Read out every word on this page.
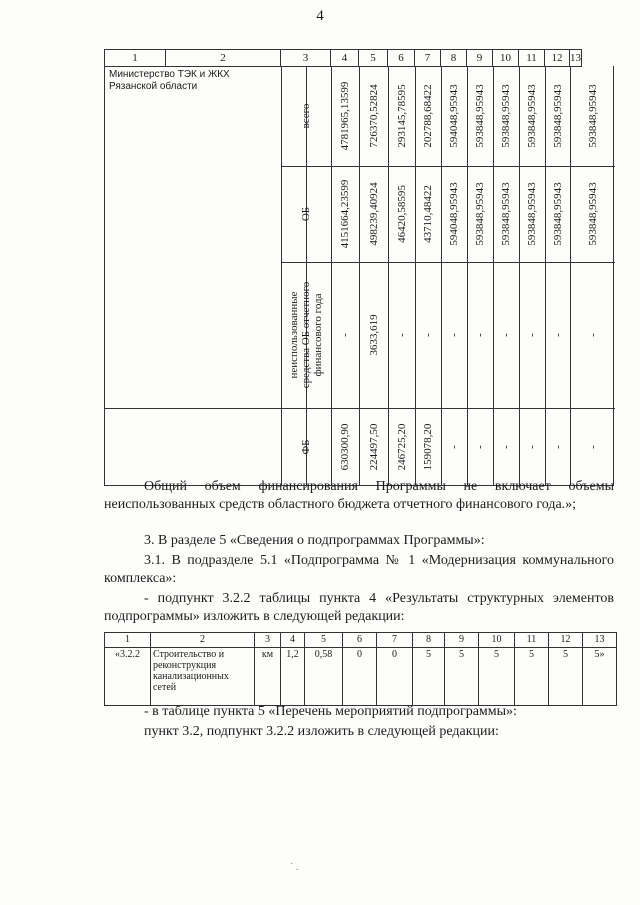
4
1	2	3	4	5	6	7	8	9	10	11	12	13
Министерство ТЭК и ЖКХ Рязанской области
всего 4781965,13599 726370,52824 293145,78595 202788,68422 594048,95943 593848,95943 593848,95943 593848,95943 593848,95943 593848,95943
ОБ 4151664,23599 498239,40924 46420,58595 43710,48422 594048,95943 593848,95943 593848,95943 593848,95943 593848,95943 593848,95943
неиспользованные средства ОБ отчетного финансового года - 3633,619 - - - - - - - -
ФБ 630300,90 224497,50 246725,20 159078,20 - - - - - -

Общий объем финансирования Программы не включает объемы неиспользованных средств областного бюджета отчетного финансового года.»;

3. В разделе 5 «Сведения о подпрограммах Программы»:

3.1. В подразделе 5.1 «Подпрограмма № 1 «Модернизация коммунального комплекса»:

- подпункт 3.2.2 таблицы пункта 4 «Результаты структурных элементов подпрограммы» изложить в следующей редакции:

1	2	3	4	5	6	7	8	9	10	11	12	13
«3.2.2	Строительство и реконструкция канализационных сетей	км	1,2	0,58	0	0	5	5	5	5	5	5»

- в таблице пункта 5 «Перечень мероприятий подпрограммы»:

пункт 3.2, подпункт 3.2.2 изложить в следующей редакции:

˙ .
